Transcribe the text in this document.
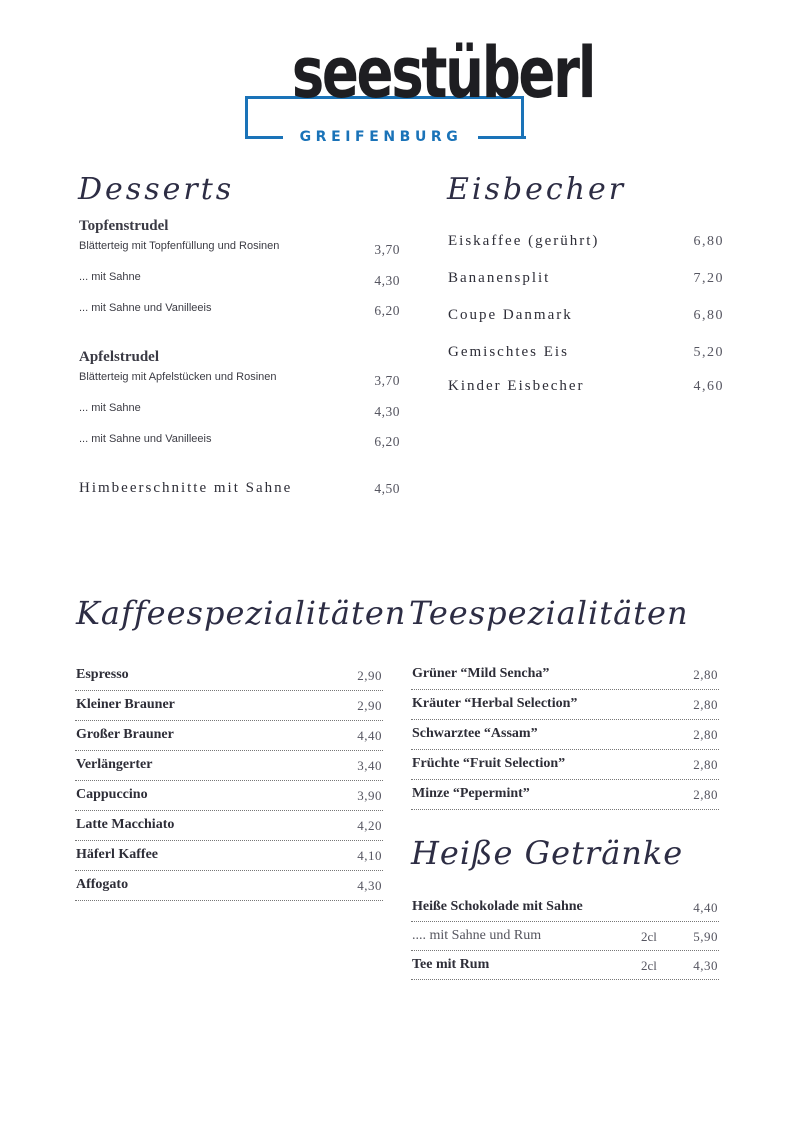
seestüberl
GREIFENBURG
Desserts
Topfenstrudel
Blätterteig mit Topfenfüllung und Rosinen	3,70
... mit Sahne	4,30
... mit Sahne und Vanilleeis	6,20
Apfelstrudel
Blätterteig mit Apfelstücken und Rosinen	3,70
... mit Sahne	4,30
... mit Sahne und Vanilleeis	6,20
Himbeerschnitte mit Sahne	4,50
Eisbecher
Eiskaffee (gerührt)	6,80
Bananensplit	7,20
Coupe Danmark	6,80
Gemischtes Eis	5,20
Kinder Eisbecher	4,60
Kaffeespezialitäten
Espresso	2,90
Kleiner Brauner	2,90
Großer Brauner	4,40
Verlängerter	3,40
Cappuccino	3,90
Latte Macchiato	4,20
Häferl Kaffee	4,10
Affogato	4,30
Teespezialitäten
Grüner “Mild Sencha”	2,80
Kräuter “Herbal Selection”	2,80
Schwarztee “Assam”	2,80
Früchte “Fruit Selection”	2,80
Minze “Pepermint”	2,80
Heiße Getränke
Heiße Schokolade mit Sahne	4,40
.... mit Sahne und Rum	2cl	5,90
Tee mit Rum	2cl	4,30
